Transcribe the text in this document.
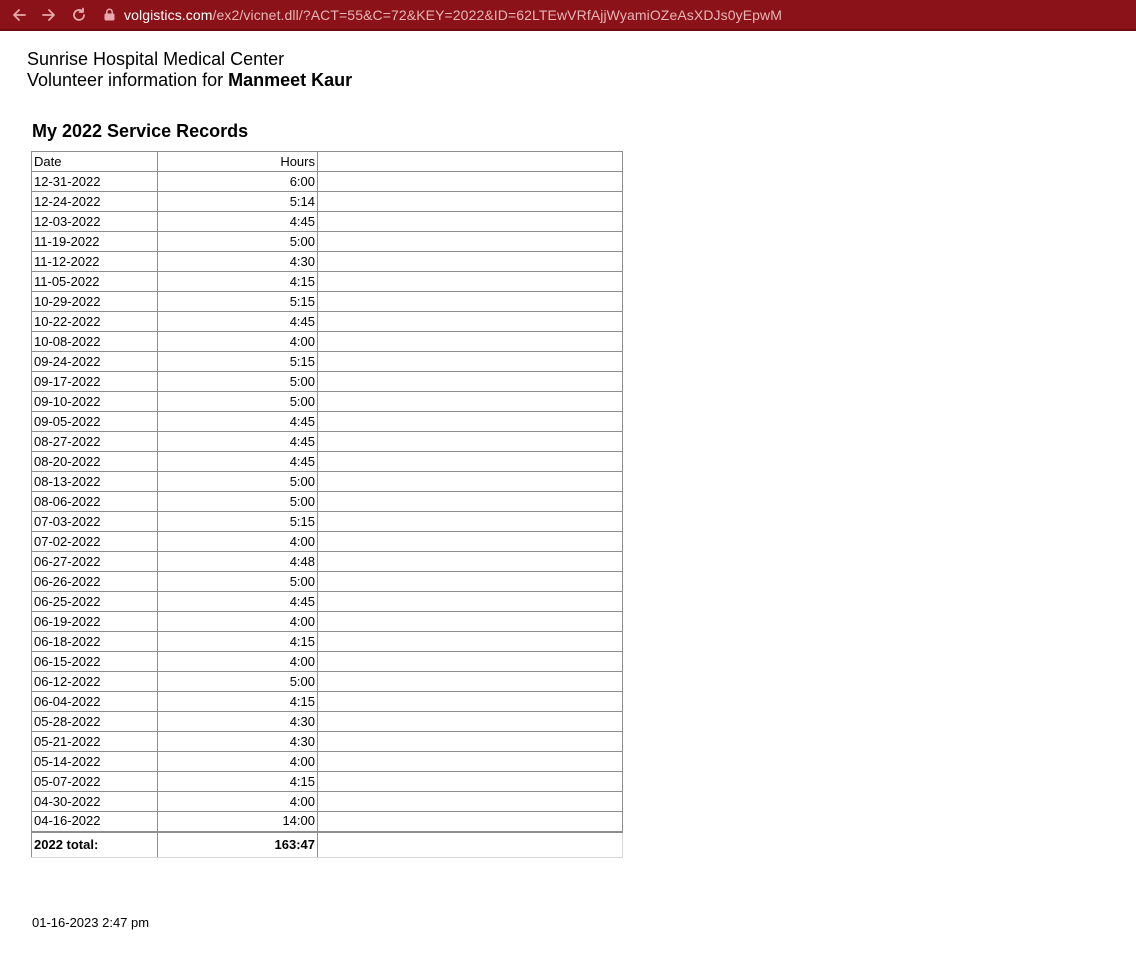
volgistics.com/ex2/vicnet.dll/?ACT=55&C=72&KEY=2022&ID=62LTEwVRfAjjWyamiOZeAsXDJs0yEpwM
Sunrise Hospital Medical Center
Volunteer information for Manmeet Kaur
My 2022 Service Records
Date	Hours	
12-31-2022	6:00	
12-24-2022	5:14	
12-03-2022	4:45	
11-19-2022	5:00	
11-12-2022	4:30	
11-05-2022	4:15	
10-29-2022	5:15	
10-22-2022	4:45	
10-08-2022	4:00	
09-24-2022	5:15	
09-17-2022	5:00	
09-10-2022	5:00	
09-05-2022	4:45	
08-27-2022	4:45	
08-20-2022	4:45	
08-13-2022	5:00	
08-06-2022	5:00	
07-03-2022	5:15	
07-02-2022	4:00	
06-27-2022	4:48	
06-26-2022	5:00	
06-25-2022	4:45	
06-19-2022	4:00	
06-18-2022	4:15	
06-15-2022	4:00	
06-12-2022	5:00	
06-04-2022	4:15	
05-28-2022	4:30	
05-21-2022	4:30	
05-14-2022	4:00	
05-07-2022	4:15	
04-30-2022	4:00	
04-16-2022	14:00	
2022 total:	163:47	
01-16-2023 2:47 pm
